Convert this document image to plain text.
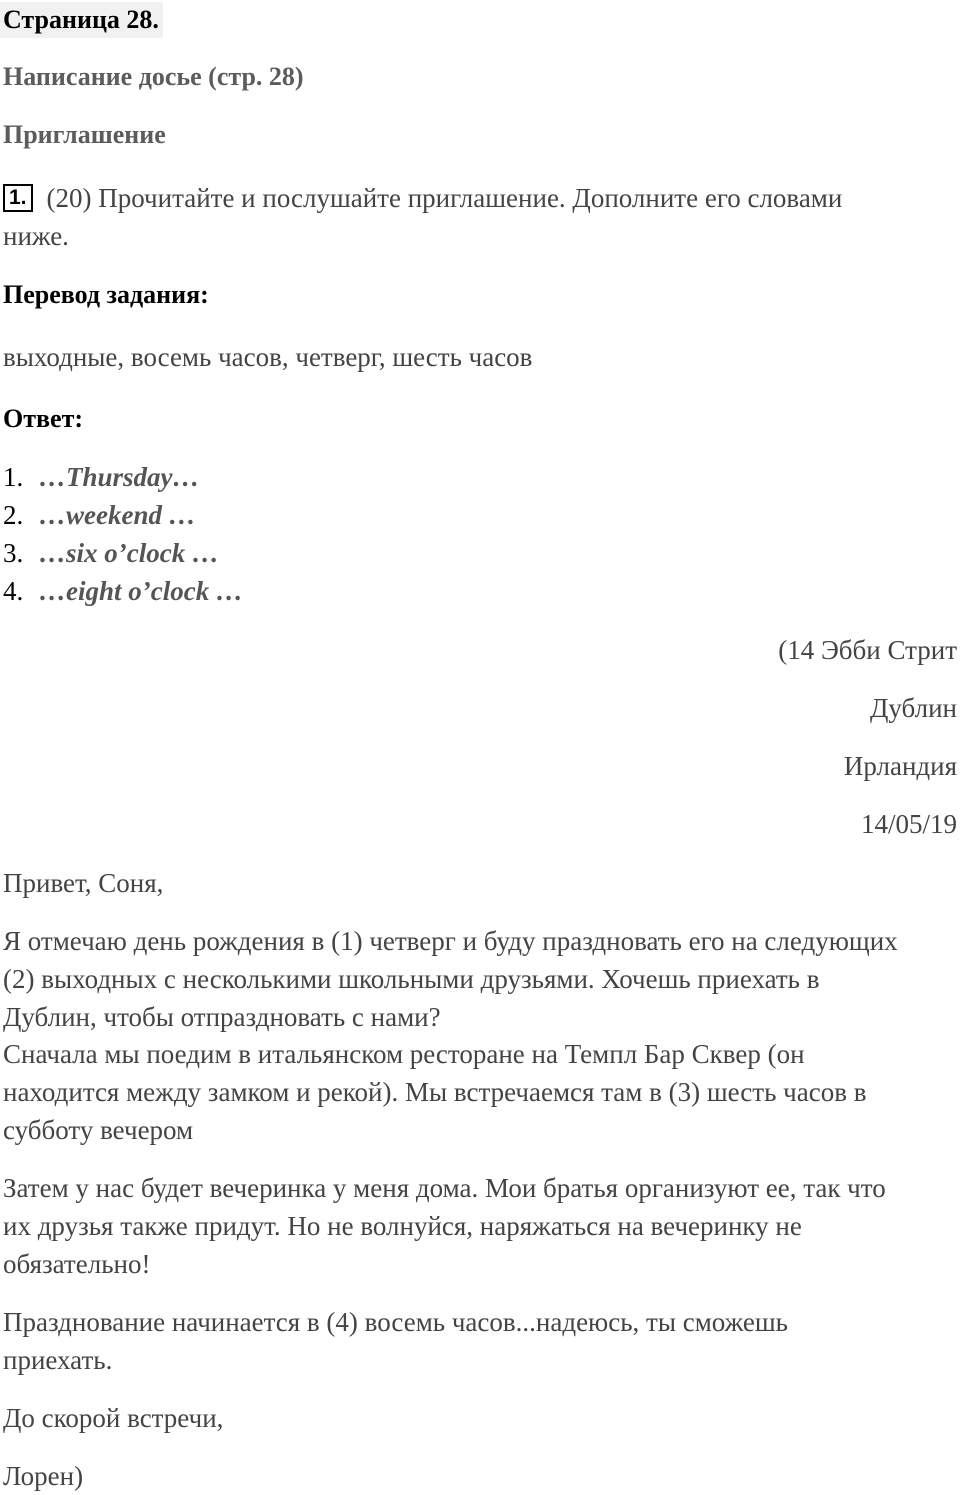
Страница 28.
Написание досье (стр. 28)
Приглашение
1. (20) Прочитайте и послушайте приглашение. Дополните его словами
ниже.
Перевод задания:
выходные, восемь часов, четверг, шесть часов
Ответ:
1. …Thursday…
2. …weekend …
3. …six o’clock …
4. …eight o’clock …
(14 Эбби Стрит
Дублин
Ирландия
14/05/19
Привет, Соня,
Я отмечаю день рождения в (1) четверг и буду праздновать его на следующих
(2) выходных с несколькими школьными друзьями. Хочешь приехать в
Дублин, чтобы отпраздновать с нами?
Сначала мы поедим в итальянском ресторане на Темпл Бар Сквер (он
находится между замком и рекой). Мы встречаемся там в (3) шесть часов в
субботу вечером
Затем у нас будет вечеринка у меня дома. Мои братья организуют ее, так что
их друзья также придут. Но не волнуйся, наряжаться на вечеринку не
обязательно!
Празднование начинается в (4) восемь часов...надеюсь, ты сможешь
приехать.
До скорой встречи,
Лорен)
